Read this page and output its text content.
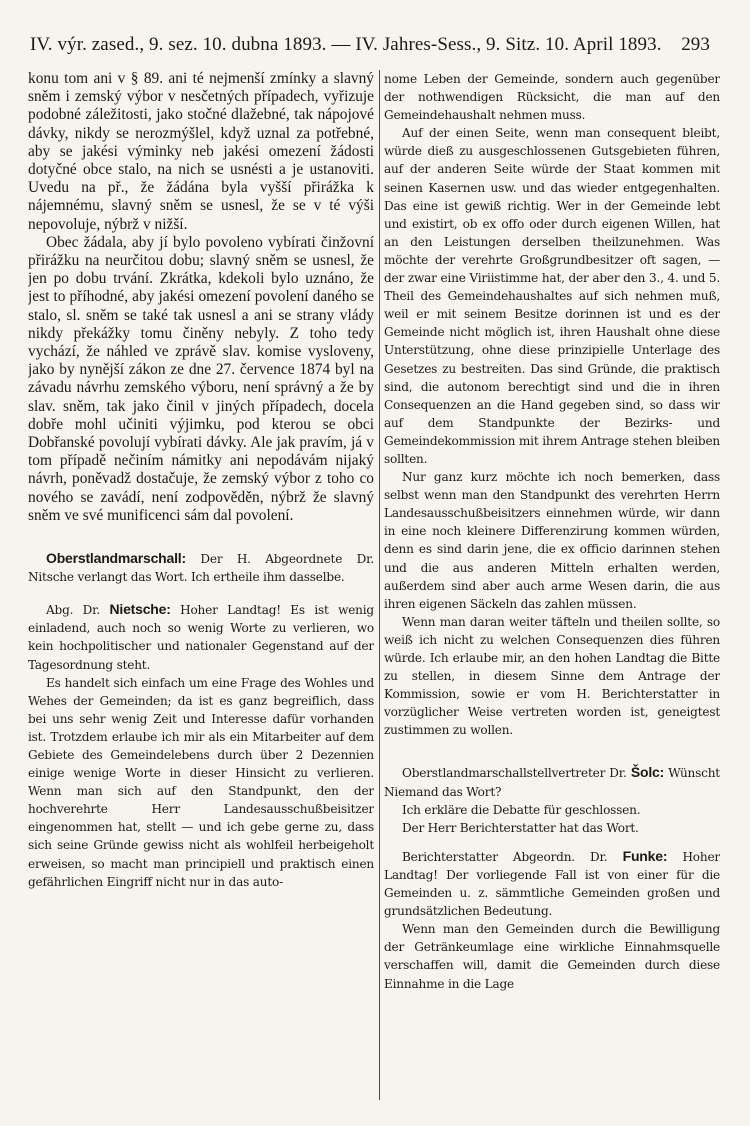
IV. výr. zased., 9. sez. 10. dubna 1893. — IV. Jahres-Sess., 9. Sitz. 10. April 1893. 293

konu tom ani v § 89. ani té nejmenší zmínky a slavný sněm i zemský výbor v nesčetných případech, vyřizuje podobné záležitosti, jako stočné dlažebné, tak nápojové dávky, nikdy se nerozmýšlel, když uznal za potřebné, aby se jakési výminky neb jakési omezení žádosti dotyčné obce stalo, na nich se usnésti a je ustanoviti. Uvedu na př., že žádána byla vyšší přirážka k nájemnému, slavný sněm se usnesl, že se v té výši nepovoluje, nýbrž v nižší.

Obec žádala, aby jí bylo povoleno vybírati činžovní přirážku na neurčitou dobu; slavný sněm se usnesl, že jen po dobu trvání. Zkrátka, kdekoli bylo uznáno, že jest to příhodné, aby jakési omezení povolení daného se stalo, sl. sněm se také tak usnesl a ani se strany vlády nikdy překážky tomu činěny nebyly. Z toho tedy vychází, že náhled ve zprávě slav. komise vysloveny, jako by nynější zákon ze dne 27. července 1874 byl na závadu návrhu zemského výboru, není správný a že by slav. sněm, tak jako činil v jiných případech, docela dobře mohl učiniti výjimku, pod kterou se obci Dobřanské povolují vybírati dávky. Ale jak pravím, já v tom případě nečiním námitky ani nepodávám nijaký návrh, poněvadž dostačuje, že zemský výbor z toho co nového se zavádí, není zodpověděn, nýbrž že slavný sněm ve své munificenci sám dal povolení.

Oberstlandmarschall: Der H. Abgeordnete Dr. Nitsche verlangt das Wort. Ich ertheile ihm dasselbe.

Abg. Dr. Nietsche: Hoher Landtag! Es ist wenig einladend, auch noch so wenig Worte zu verlieren, wo kein hochpolitischer und nationaler Gegenstand auf der Tagesordnung steht.

Es handelt sich einfach um eine Frage des Wohles und Wehes der Gemeinden; da ist es ganz begreiflich, dass bei uns sehr wenig Zeit und Interesse dafür vorhanden ist. Trotzdem erlaube ich mir als ein Mitarbeiter auf dem Gebiete des Gemeindelebens durch über 2 Dezennien einige wenige Worte in dieser Hinsicht zu verlieren. Wenn man sich auf den Standpunkt, den der hochverehrte Herr Landesausschußbeisitzer eingenommen hat, stellt — und ich gebe gerne zu, dass sich seine Gründe gewiss nicht als wohlfeil herbeigeholt erweisen, so macht man principiell und praktisch einen gefährlichen Eingriff nicht nur in das auto-

nome Leben der Gemeinde, sondern auch gegenüber der nothwendigen Rücksicht, die man auf den Gemeindehaushalt nehmen muss.

Auf der einen Seite, wenn man consequent bleibt, würde dieß zu ausgeschlossenen Gutsgebieten führen, auf der anderen Seite würde der Staat kommen mit seinen Kasernen usw. und das wieder entgegenhalten. Das eine ist gewiß richtig. Wer in der Gemeinde lebt und existirt, ob ex offo oder durch eigenen Willen, hat an den Leistungen derselben theilzunehmen. Was möchte der verehrte Großgrundbesitzer oft sagen, — der zwar eine Viriistimme hat, der aber den 3., 4. und 5. Theil des Gemeindehaushaltes auf sich nehmen muß, weil er mit seinem Besitze dorinnen ist und es der Gemeinde nicht möglich ist, ihren Haushalt ohne diese Unterstützung, ohne diese prinzipielle Unterlage des Gesetzes zu bestreiten. Das sind Gründe, die praktisch sind, die autonom berechtigt sind und die in ihren Consequenzen an die Hand gegeben sind, so dass wir auf dem Standpunkte der Bezirks- und Gemeindekommission mit ihrem Antrage stehen bleiben sollten.

Nur ganz kurz möchte ich noch bemerken, dass selbst wenn man den Standpunkt des verehrten Herrn Landesausschußbeisitzers einnehmen würde, wir dann in eine noch kleinere Differenzirung kommen würden, denn es sind darin jene, die ex officio darinnen stehen und die aus anderen Mitteln erhalten werden, außerdem sind aber auch arme Wesen darin, die aus ihren eigenen Säckeln das zahlen müssen.

Wenn man daran weiter täfteln und theilen sollte, so weiß ich nicht zu welchen Consequenzen dies führen würde. Ich erlaube mir, an den hohen Landtag die Bitte zu stellen, in diesem Sinne dem Antrage der Kommission, sowie er vom H. Berichterstatter in vorzüglicher Weise vertreten worden ist, geneigtest zustimmen zu wollen.

Oberstlandmarschallstellvertreter Dr. Šolc: Wünscht Niemand das Wort?

Ich erkläre die Debatte für geschlossen.

Der Herr Berichterstatter hat das Wort.

Berichterstatter Abgeordn. Dr. Funke: Hoher Landtag! Der vorliegende Fall ist von einer für die Gemeinden u. z. sämmtliche Gemeinden großen und grundsätzlichen Bedeutung.

Wenn man den Gemeinden durch die Bewilligung der Getränkeumlage eine wirkliche Einnahmsquelle verschaffen will, damit die Gemeinden durch diese Einnahme in die Lage
